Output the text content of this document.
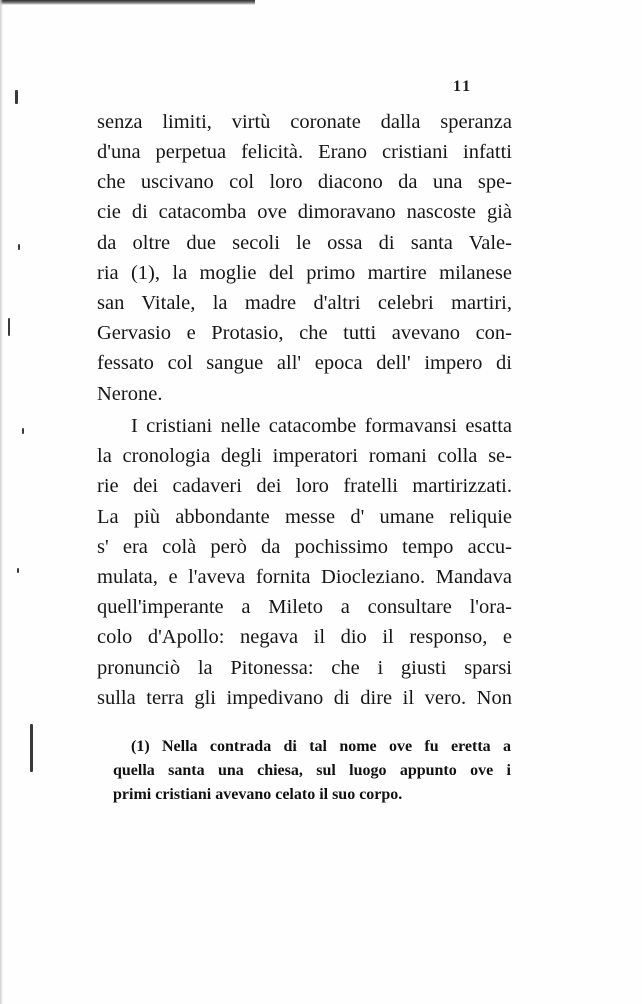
11
senza limiti, virtù coronate dalla speranza
d'una perpetua felicità. Erano cristiani infatti
che uscivano col loro diacono da una spe-
cie di catacomba ove dimoravano nascoste già
da oltre due secoli le ossa di santa Vale-
ria (1), la moglie del primo martire milanese
san Vitale, la madre d'altri celebri martiri,
Gervasio e Protasio, che tutti avevano con-
fessato col sangue all' epoca dell' impero di
Nerone.
I cristiani nelle catacombe formavansi esatta
la cronologia degli imperatori romani colla se-
rie dei cadaveri dei loro fratelli martirizzati.
La più abbondante messe d' umane reliquie
s' era colà però da pochissimo tempo accu-
mulata, e l'aveva fornita Diocleziano. Mandava
quell'imperante a Mileto a consultare l'ora-
colo d'Apollo: negava il dio il responso, e
pronunciò la Pitonessa: che i giusti sparsi
sulla terra gli impedivano di dire il vero. Non
(1) Nella contrada di tal nome ove fu eretta a
quella santa una chiesa, sul luogo appunto ove i
primi cristiani avevano celato il suo corpo.
